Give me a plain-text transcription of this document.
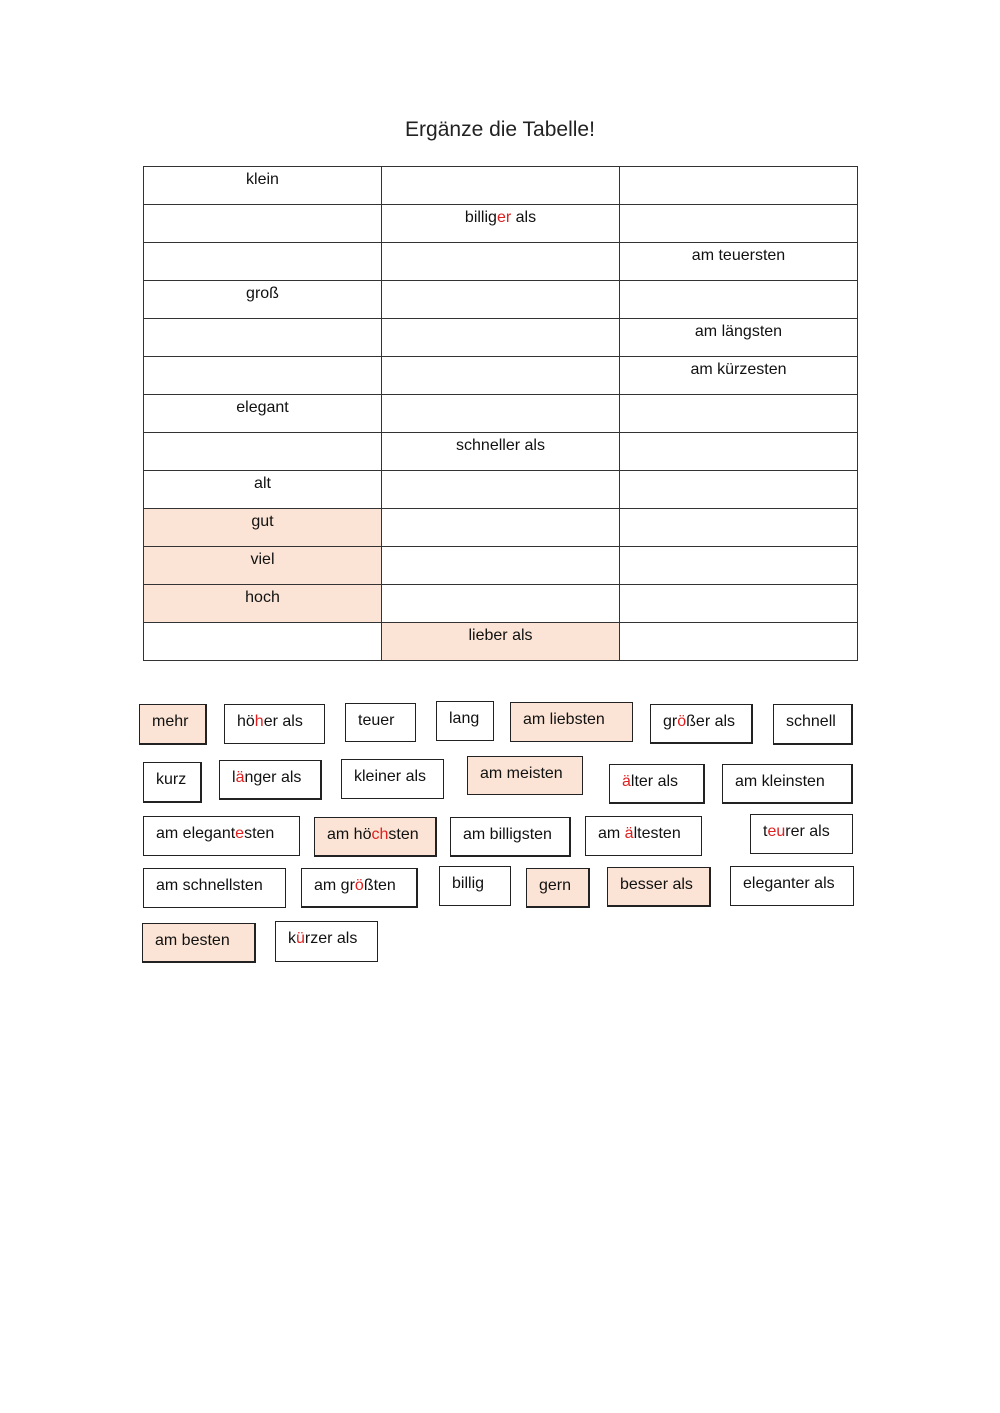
Ergänze die Tabelle!
klein		
	billiger als	
		am teuersten
groß		
		am längsten
		am kürzesten
elegant		
	schneller als	
alt		
gut		
viel		
hoch		
	lieber als	
mehr	höher als	teuer	lang	am liebsten	größer als	schnell
kurz	länger als	kleiner als	am meisten	älter als	am kleinsten
am elegantesten	am höchsten	am billigsten	am ältesten	teurer als
am schnellsten	am größten	billig	gern	besser als	eleganter als
am besten	kürzer als
